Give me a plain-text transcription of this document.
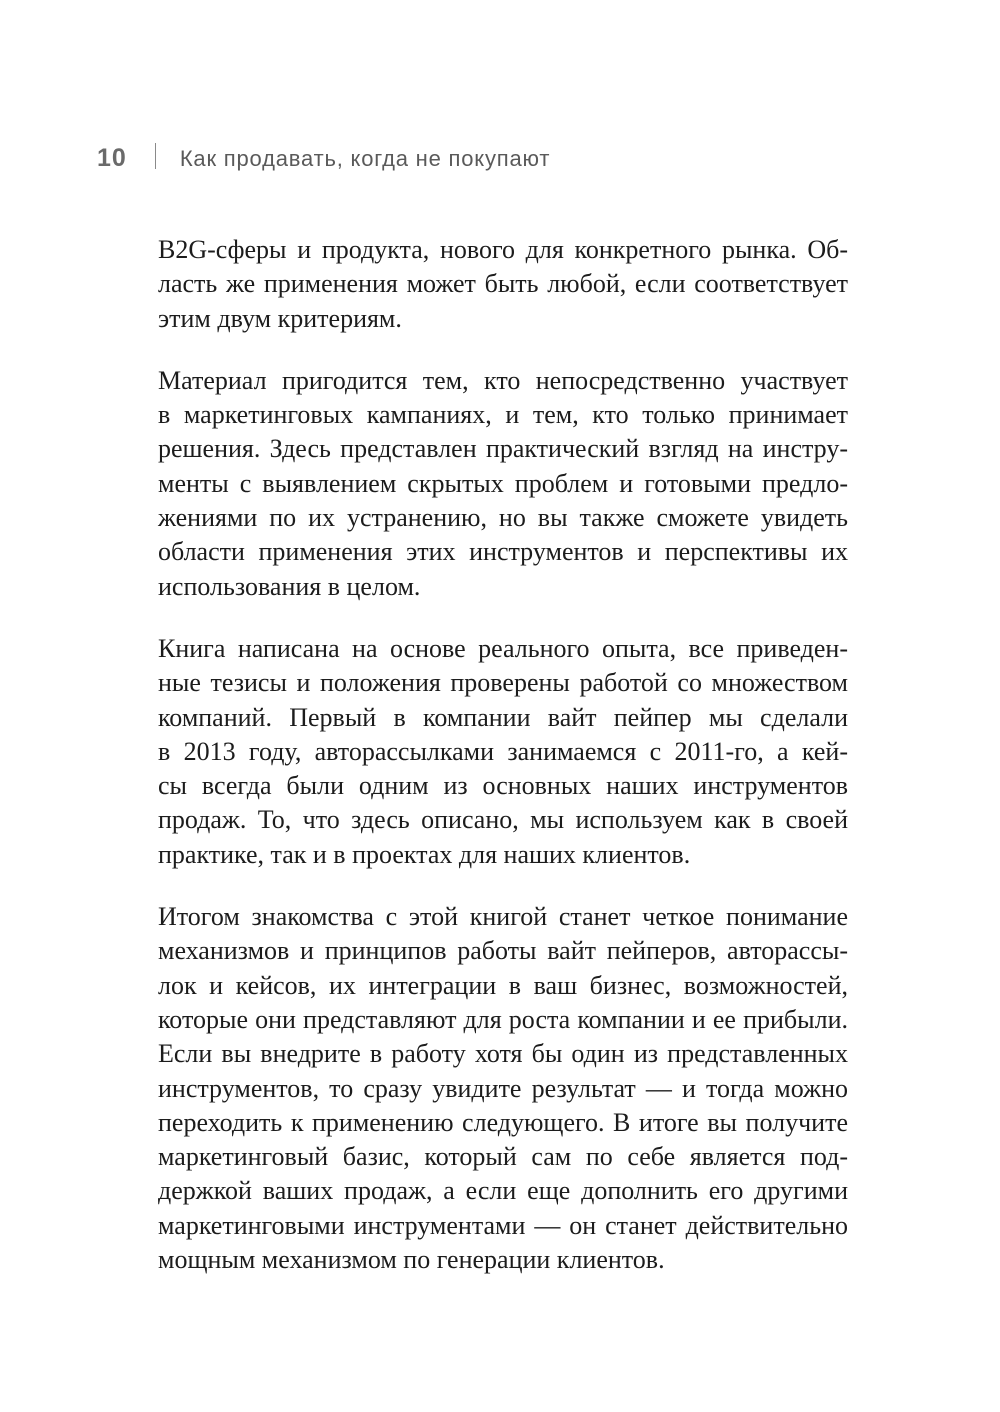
10 Как продавать, когда не покупают

B2G-сферы и продукта, нового для конкретного рынка. Об-
ласть же применения может быть любой, если соответствует
этим двум критериям.

Материал пригодится тем, кто непосредственно участвует
в маркетинговых кампаниях, и тем, кто только принимает
решения. Здесь представлен практический взгляд на инстру-
менты с выявлением скрытых проблем и готовыми предло-
жениями по их устранению, но вы также сможете увидеть
области применения этих инструментов и перспективы их
использования в целом.

Книга написана на основе реального опыта, все приведен-
ные тезисы и положения проверены работой со множеством
компаний. Первый в компании вайт пейпер мы сделали
в 2013 году, авторассылками занимаемся с 2011-го, а кей-
сы всегда были одним из основных наших инструментов
продаж. То, что здесь описано, мы используем как в своей
практике, так и в проектах для наших клиентов.

Итогом знакомства с этой книгой станет четкое понимание
механизмов и принципов работы вайт пейперов, авторассы-
лок и кейсов, их интеграции в ваш бизнес, возможностей,
которые они представляют для роста компании и ее прибыли.
Если вы внедрите в работу хотя бы один из представленных
инструментов, то сразу увидите результат — и тогда можно
переходить к применению следующего. В итоге вы получите
маркетинговый базис, который сам по себе является под-
держкой ваших продаж, а если еще дополнить его другими
маркетинговыми инструментами — он станет действительно
мощным механизмом по генерации клиентов.
